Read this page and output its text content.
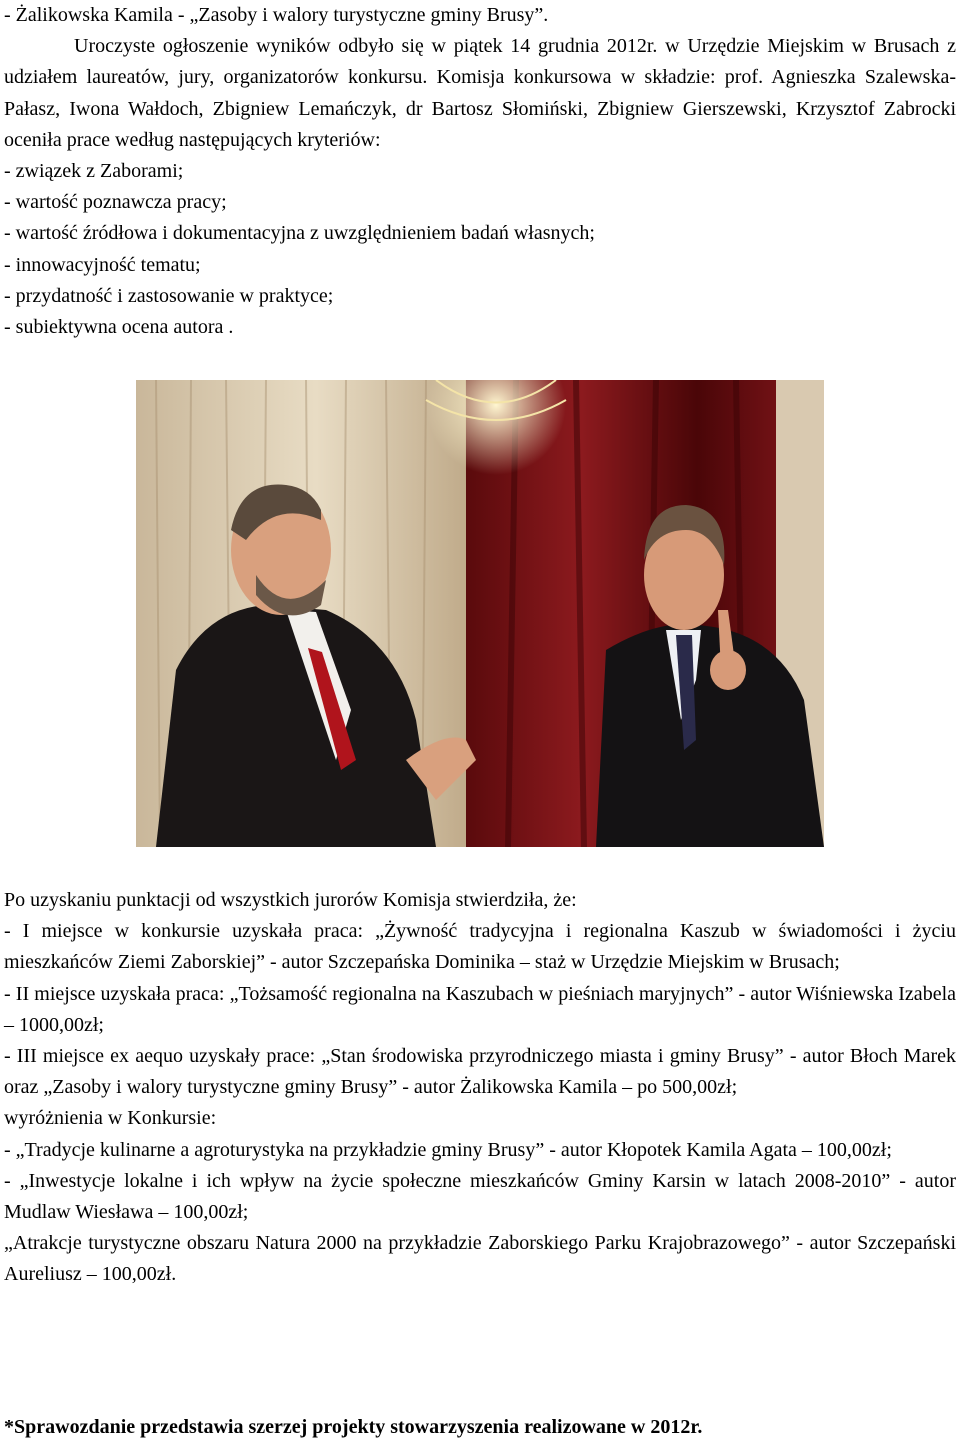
- Żalikowska Kamila - „Zasoby i walory turystyczne gminy Brusy”.

Uroczyste ogłoszenie wyników odbyło się w piątek 14 grudnia 2012r. w Urzędzie Miejskim w Brusach z udziałem laureatów, jury, organizatorów konkursu. Komisja konkursowa w składzie: prof. Agnieszka Szalewska-Pałasz, Iwona Wałdoch, Zbigniew Lemańczyk, dr Bartosz Słomiński, Zbigniew Gierszewski, Krzysztof Zabrocki oceniła prace według następujących kryteriów:

- związek z Zaborami;

- wartość poznawcza pracy;

- wartość źródłowa i dokumentacyjna z uwzględnieniem badań własnych;

- innowacyjność tematu;

- przydatność i zastosowanie w praktyce;

- subiektywna ocena autora .

Po uzyskaniu punktacji od wszystkich jurorów Komisja stwierdziła, że:

- I miejsce w konkursie uzyskała praca: „Żywność tradycyjna i regionalna Kaszub w świadomości i życiu mieszkańców Ziemi Zaborskiej” - autor Szczepańska Dominika – staż w Urzędzie Miejskim w Brusach;

- II miejsce uzyskała praca: „Tożsamość regionalna na Kaszubach w pieśniach maryjnych” - autor Wiśniewska Izabela – 1000,00zł;

- III miejsce ex aequo uzyskały prace: „Stan środowiska przyrodniczego miasta i gminy Brusy” - autor Błoch Marek oraz „Zasoby i walory turystyczne gminy Brusy” - autor Żalikowska Kamila – po 500,00zł;

wyróżnienia w Konkursie:

- „Tradycje kulinarne a agroturystyka na przykładzie gminy Brusy” - autor Kłopotek Kamila Agata – 100,00zł;

- „Inwestycje lokalne i ich wpływ na życie społeczne mieszkańców Gminy Karsin w latach 2008-2010” - autor Mudlaw Wiesława – 100,00zł;

„Atrakcje turystyczne obszaru Natura 2000 na przykładzie Zaborskiego Parku Krajobrazowego” - autor Szczepański Aureliusz – 100,00zł.

*Sprawozdanie przedstawia szerzej projekty stowarzyszenia realizowane w 2012r.
